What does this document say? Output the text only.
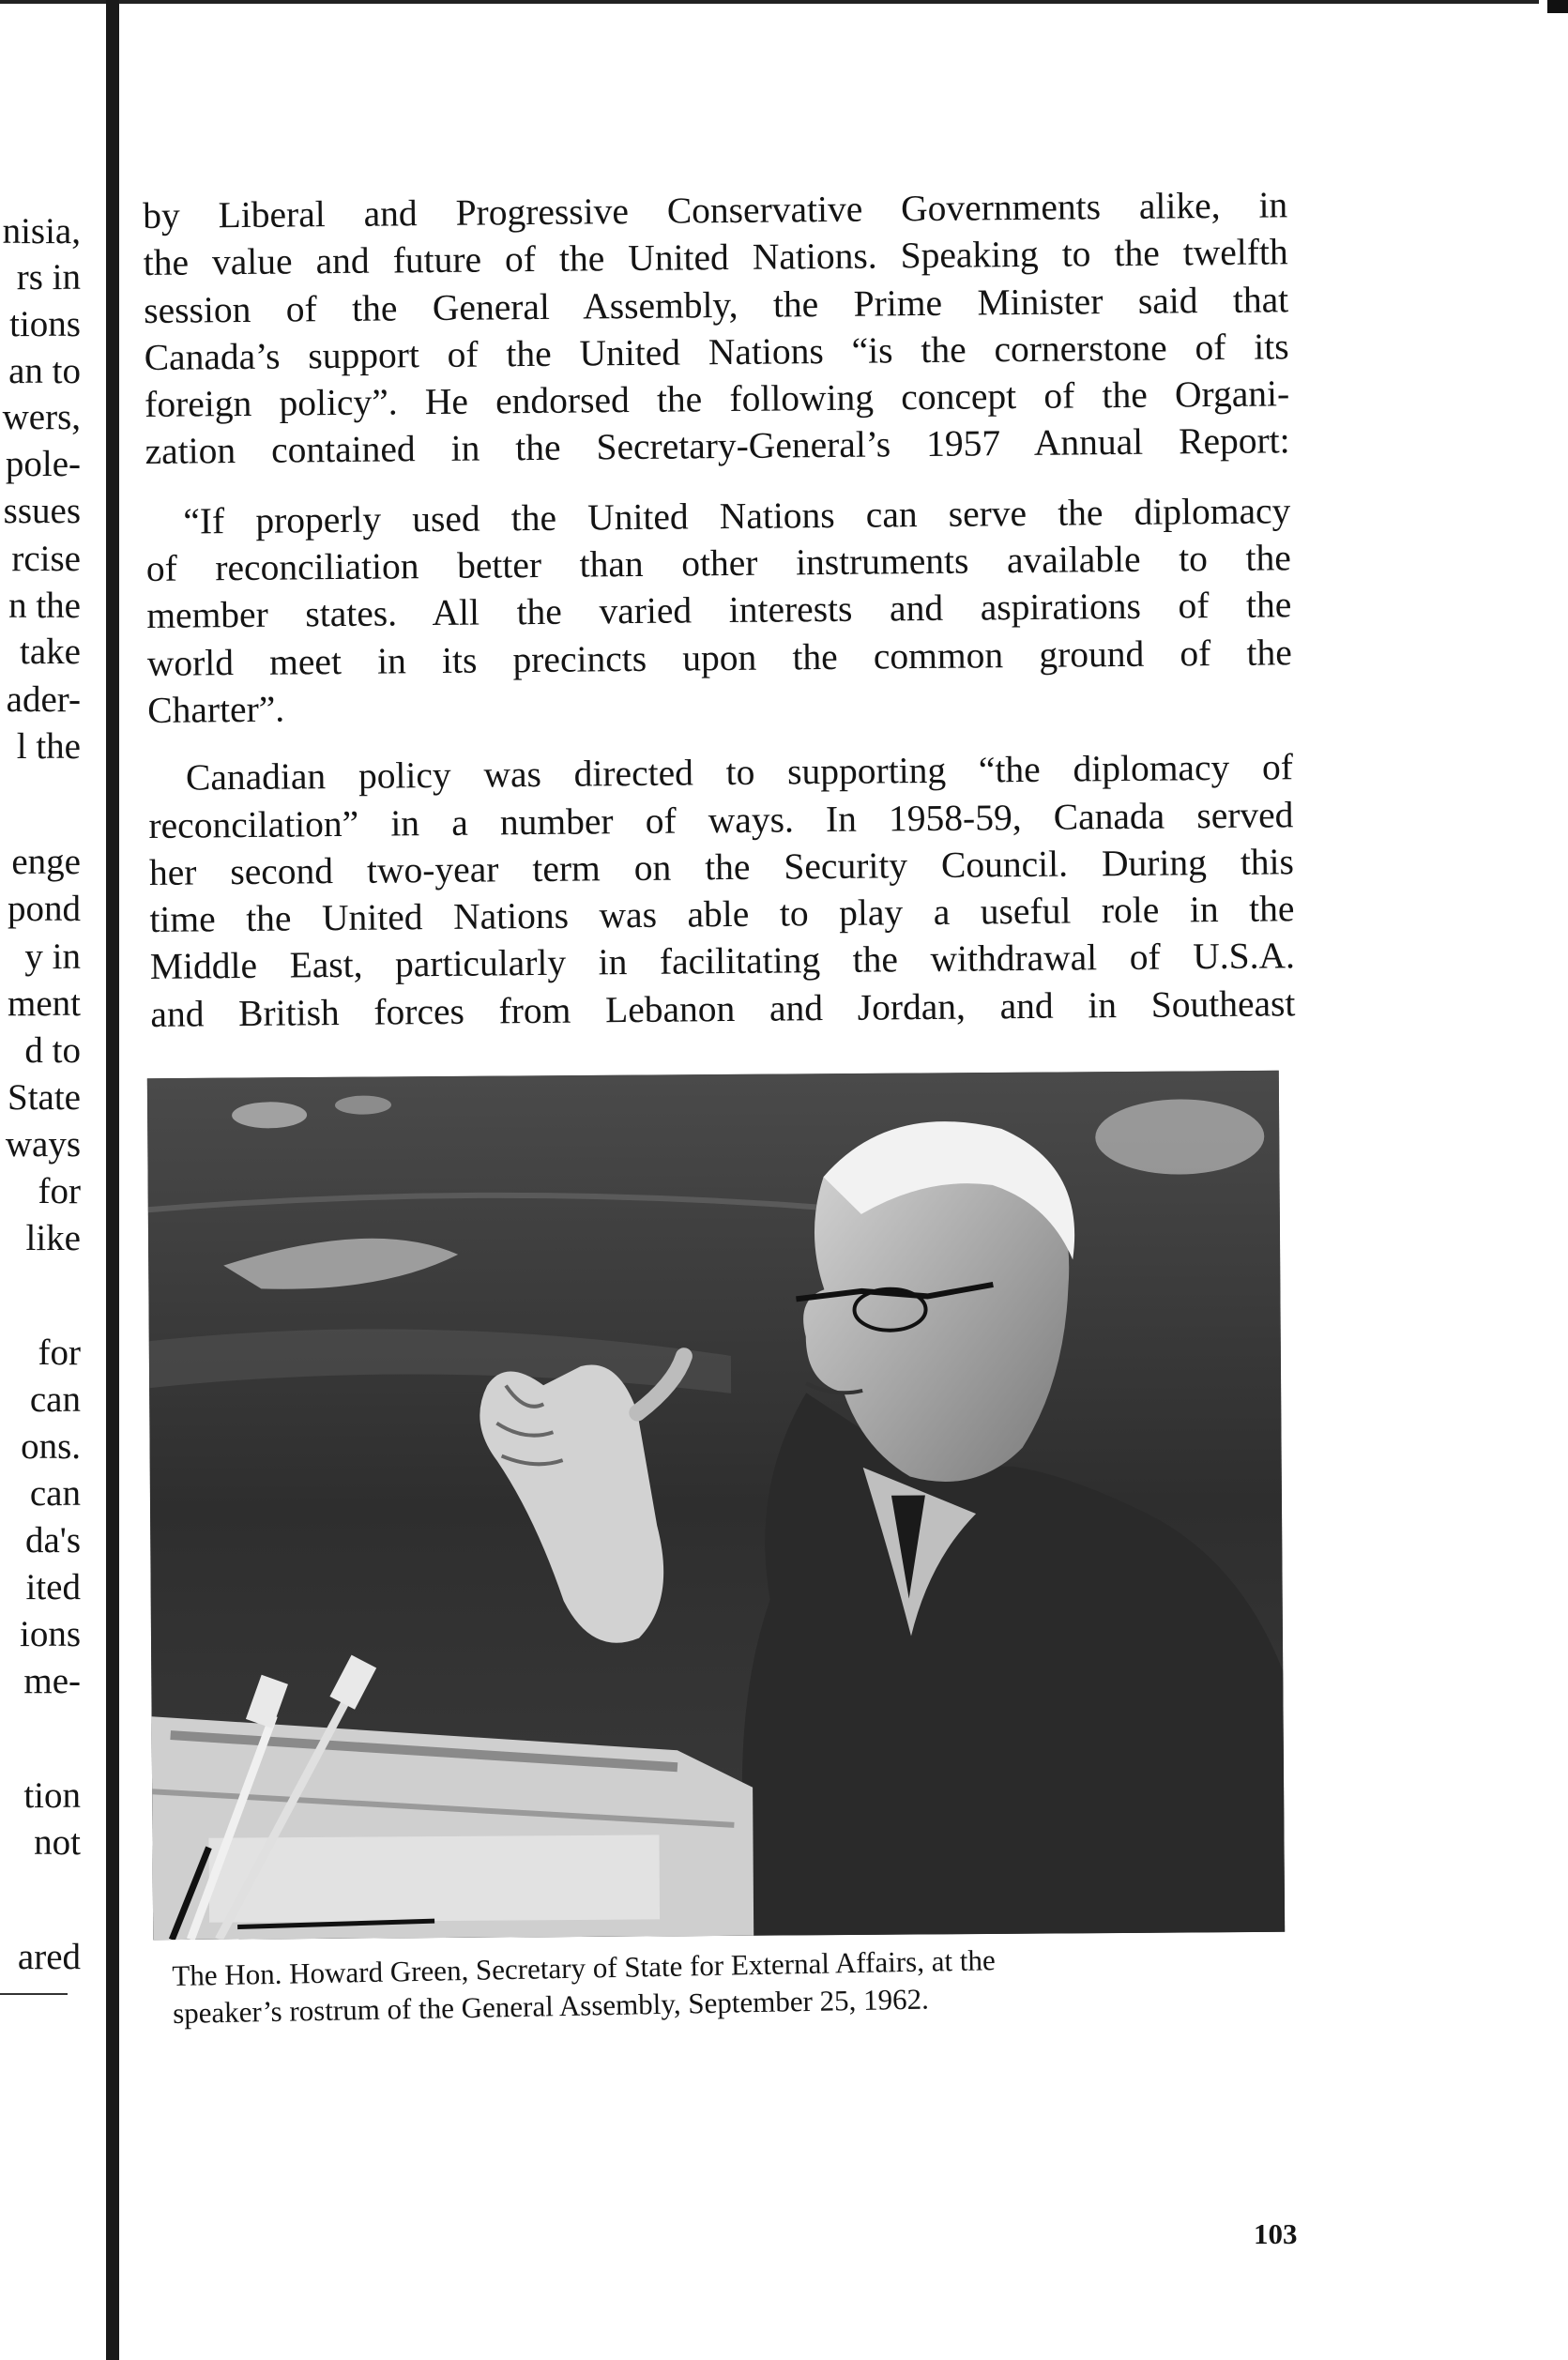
nisia,
rs in
tions
an to
wers,
pole-
ssues
rcise
n the
take
ader-
l the
enge
pond
y in
ment
d to
State
ways
for
like
for
can
ons.
can
da's
ited
ions
me-
tion
not
ared

by Liberal and Progressive Conservative Governments alike, in
the value and future of the United Nations. Speaking to the twelfth
session of the General Assembly, the Prime Minister said that
Canada’s support of the United Nations “is the cornerstone of its
foreign policy”. He endorsed the following concept of the Organi-
zation contained in the Secretary-General’s 1957 Annual Report:

“If properly used the United Nations can serve the diplomacy
of reconciliation better than other instruments available to the
member states. All the varied interests and aspirations of the
world meet in its precincts upon the common ground of the
Charter”.

Canadian policy was directed to supporting “the diplomacy of
reconcilation” in a number of ways. In 1958-59, Canada served
her second two-year term on the Security Council. During this
time the United Nations was able to play a useful role in the
Middle East, particularly in facilitating the withdrawal of U.S.A.
and British forces from Lebanon and Jordan, and in Southeast

The Hon. Howard Green, Secretary of State for External Affairs, at the
speaker’s rostrum of the General Assembly, September 25, 1962.
103
